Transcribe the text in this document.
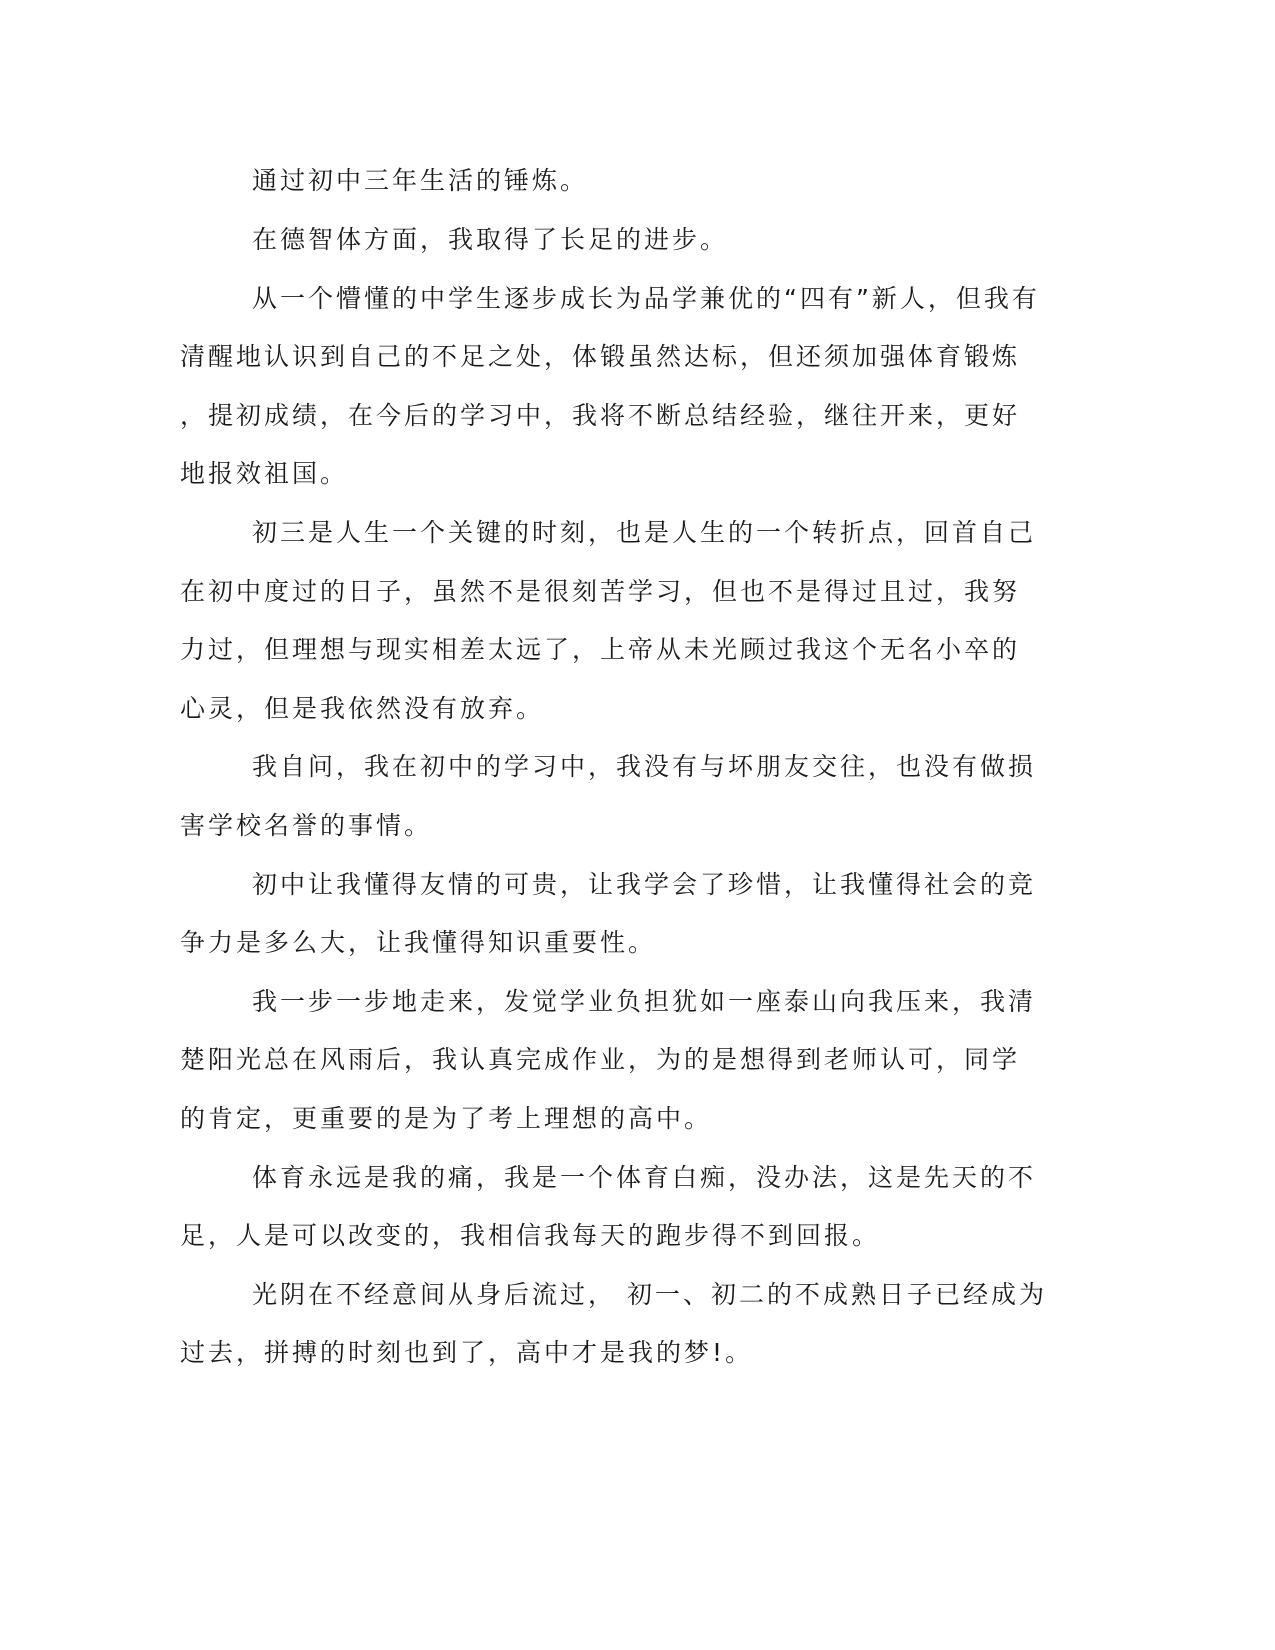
通过初中三年生活的锤炼。

在德智体方面，我取得了长足的进步。

从一个懵懂的中学生逐步成长为品学兼优的“四有”新人，但我有

清醒地认识到自己的不足之处，体锻虽然达标，但还须加强体育锻炼

，提初成绩，在今后的学习中，我将不断总结经验，继往开来，更好

地报效祖国。

初三是人生一个关键的时刻，也是人生的一个转折点，回首自己

在初中度过的日子，虽然不是很刻苦学习，但也不是得过且过，我努

力过，但理想与现实相差太远了，上帝从未光顾过我这个无名小卒的

心灵，但是我依然没有放弃。

我自问，我在初中的学习中，我没有与坏朋友交往，也没有做损

害学校名誉的事情。

初中让我懂得友情的可贵，让我学会了珍惜，让我懂得社会的竞

争力是多么大，让我懂得知识重要性。

我一步一步地走来，发觉学业负担犹如一座泰山向我压来，我清

楚阳光总在风雨后，我认真完成作业，为的是想得到老师认可，同学

的肯定，更重要的是为了考上理想的高中。

体育永远是我的痛，我是一个体育白痴，没办法，这是先天的不

足，人是可以改变的，我相信我每天的跑步得不到回报。

光阴在不经意间从身后流过， 初一、初二的不成熟日子已经成为

过去，拼搏的时刻也到了，高中才是我的梦!。
